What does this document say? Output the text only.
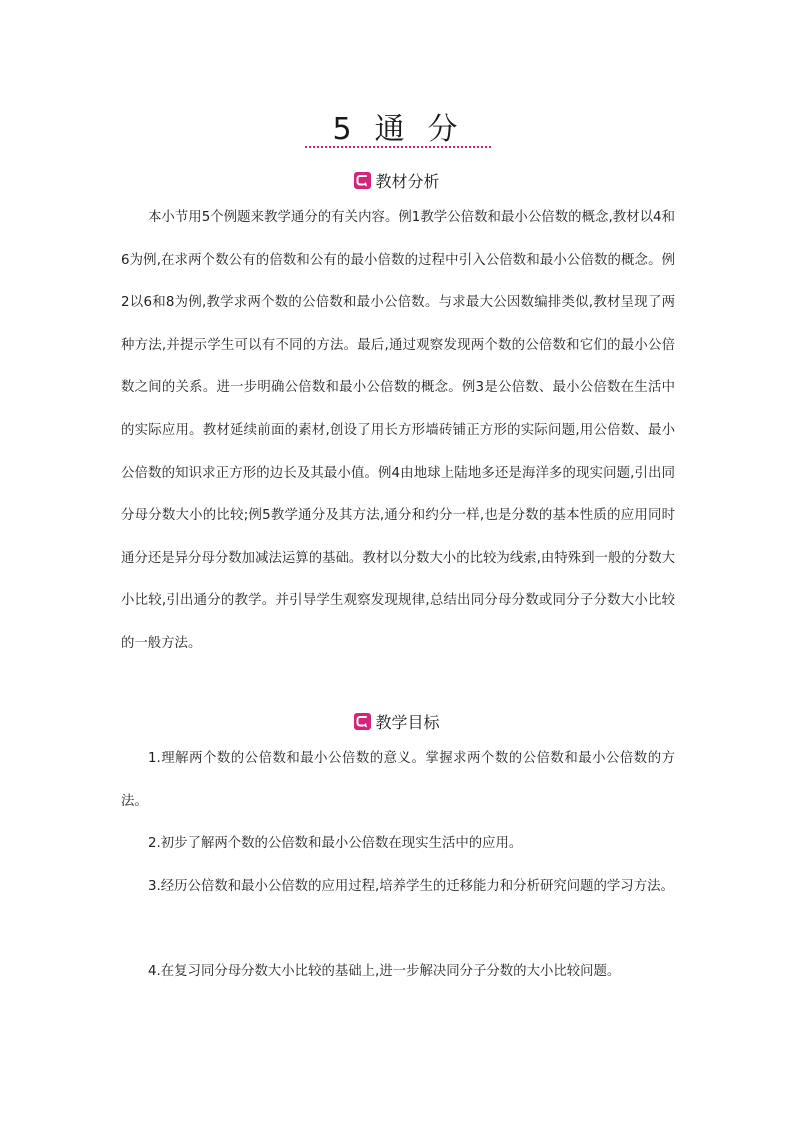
5 通 分
教材分析

本小节用5个例题来教学通分的有关内容。例1教学公倍数和最小公倍数的概念,教材以4和6为例,在求两个数公有的倍数和公有的最小倍数的过程中引入公倍数和最小公倍数的概念。例2以6和8为例,教学求两个数的公倍数和最小公倍数。与求最大公因数编排类似,教材呈现了两种方法,并提示学生可以有不同的方法。最后,通过观察发现两个数的公倍数和它们的最小公倍数之间的关系。进一步明确公倍数和最小公倍数的概念。例3是公倍数、最小公倍数在生活中的实际应用。教材延续前面的素材,创设了用长方形墙砖铺正方形的实际问题,用公倍数、最小公倍数的知识求正方形的边长及其最小值。例4由地球上陆地多还是海洋多的现实问题,引出同分母分数大小的比较;例5教学通分及其方法,通分和约分一样,也是分数的基本性质的应用同时通分还是异分母分数加减法运算的基础。教材以分数大小的比较为线索,由特殊到一般的分数大小比较,引出通分的教学。并引导学生观察发现规律,总结出同分母分数或同分子分数大小比较的一般方法。

教学目标

1.理解两个数的公倍数和最小公倍数的意义。掌握求两个数的公倍数和最小公倍数的方法。

2.初步了解两个数的公倍数和最小公倍数在现实生活中的应用。

3.经历公倍数和最小公倍数的应用过程,培养学生的迁移能力和分析研究问题的学习方法。

4.在复习同分母分数大小比较的基础上,进一步解决同分子分数的大小比较问题。
